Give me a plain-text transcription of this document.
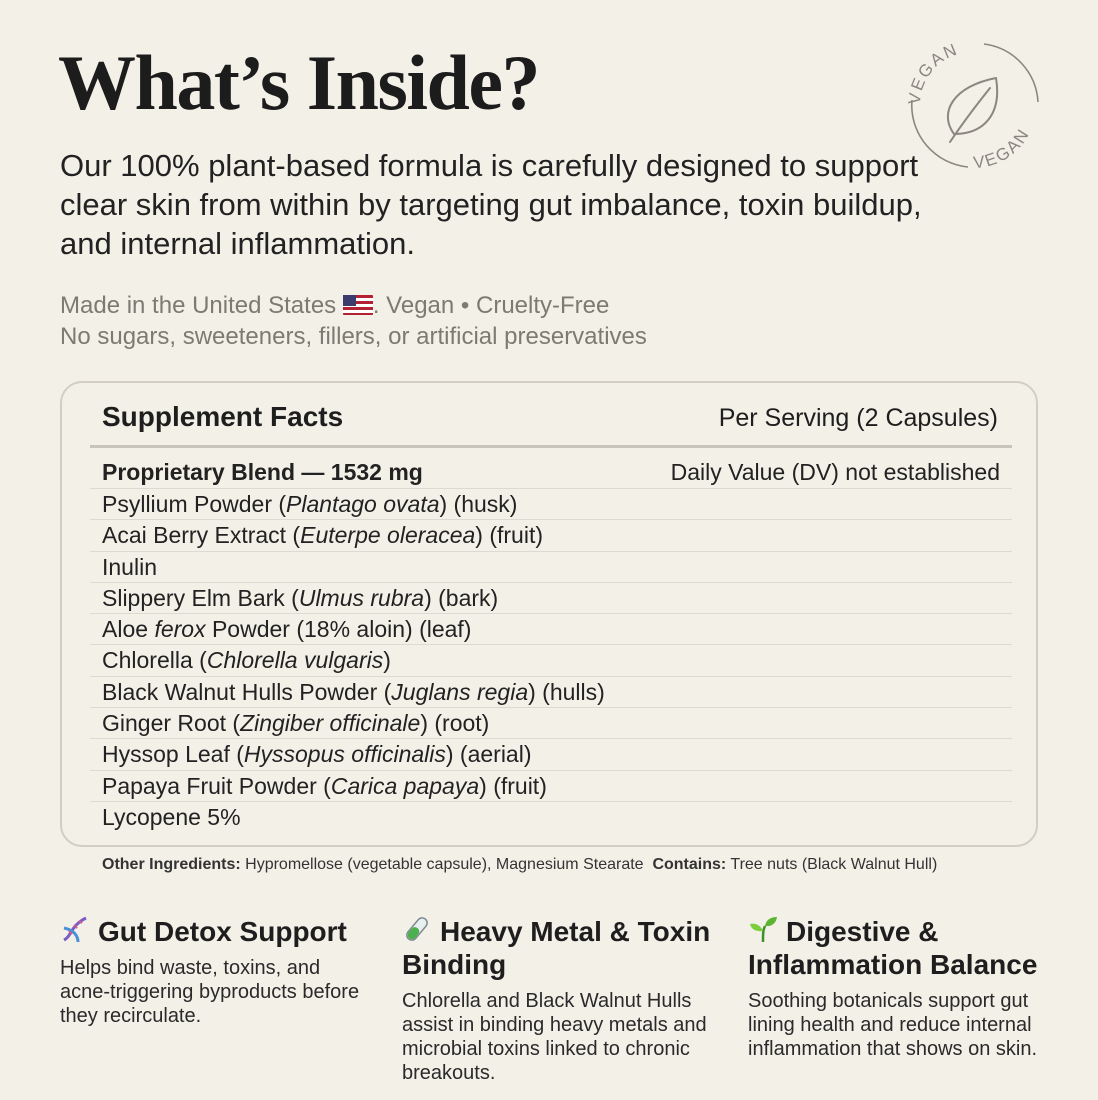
What’s Inside?

Our 100% plant-based formula is carefully designed to support clear skin from within by targeting gut imbalance, toxin buildup, and internal inflammation.

Made in the United States . Vegan • Cruelty-Free
No sugars, sweeteners, fillers, or artificial preservatives
VEGAN
VEGAN
Supplement Facts	Per Serving (2 Capsules)
Proprietary Blend — 1532 mg	Daily Value (DV) not established
Psyllium Powder (Plantago ovata) (husk)
Acai Berry Extract (Euterpe oleracea) (fruit)
Inulin
Slippery Elm Bark (Ulmus rubra) (bark)
Aloe ferox Powder (18% aloin) (leaf)
Chlorella (Chlorella vulgaris)
Black Walnut Hulls Powder (Juglans regia) (hulls)
Ginger Root (Zingiber officinale) (root)
Hyssop Leaf (Hyssopus officinalis) (aerial)
Papaya Fruit Powder (Carica papaya) (fruit)
Lycopene 5%
Other Ingredients: Hypromellose (vegetable capsule), Magnesium Stearate Contains: Tree nuts (Black Walnut Hull)
Gut Detox Support

Helps bind waste, toxins, and acne-triggering byproducts before they recirculate.

Heavy Metal & Toxin Binding

Chlorella and Black Walnut Hulls assist in binding heavy metals and microbial toxins linked to chronic breakouts.

Digestive & Inflammation Balance

Soothing botanicals support gut lining health and reduce internal inflammation that shows on skin.
